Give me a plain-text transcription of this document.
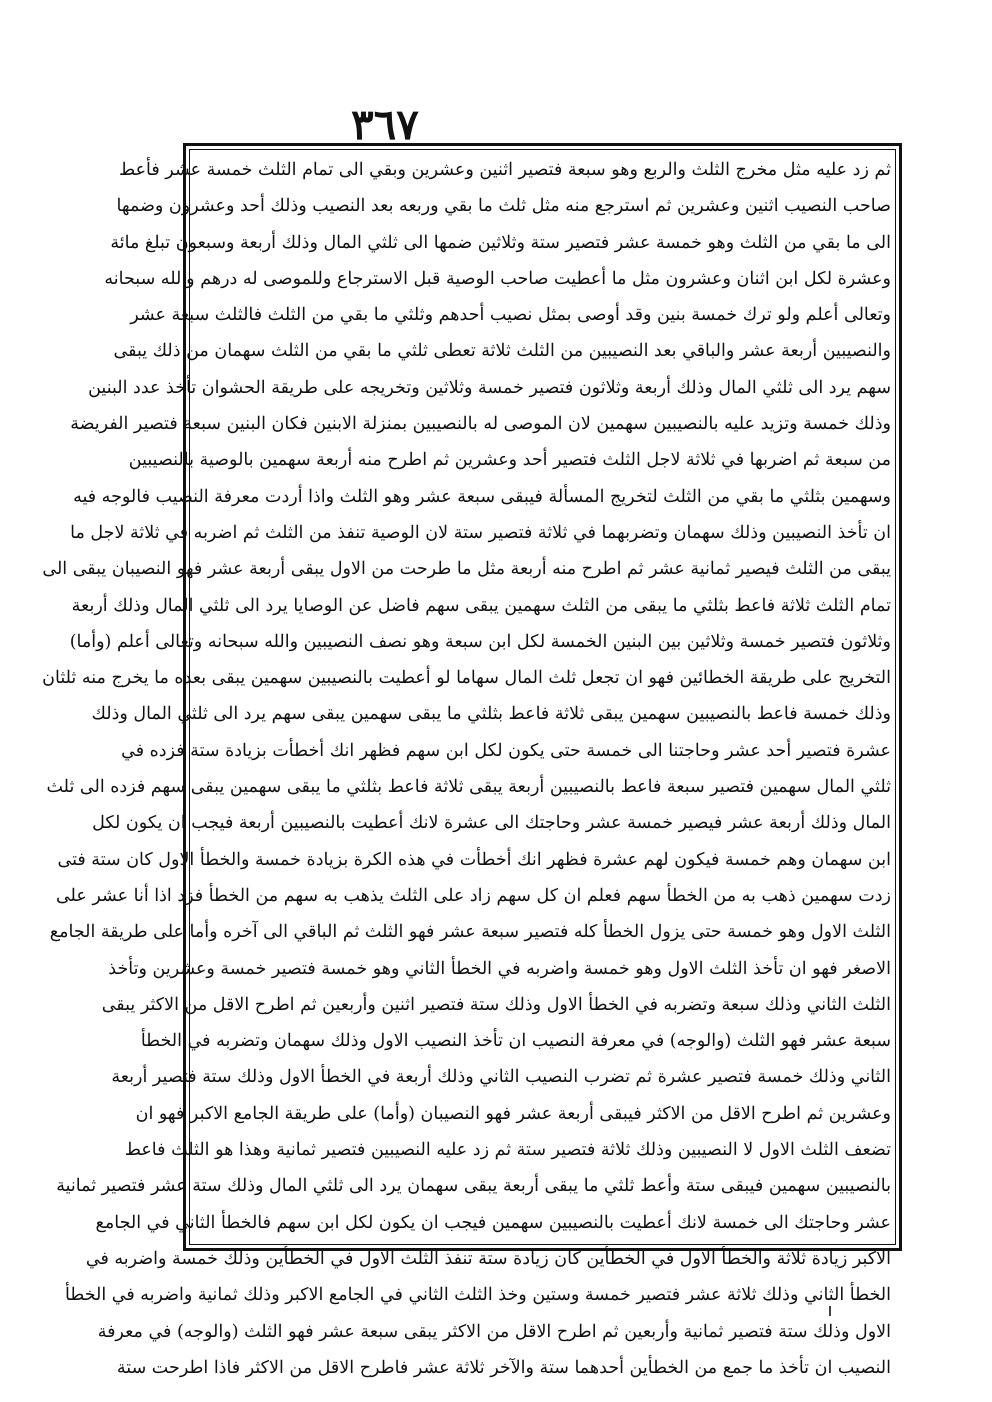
٣٦٧
ثم زد عليه مثل مخرج الثلث والربع وهو سبعة فتصير اثنين وعشرين وبقي الى تمام الثلث خمسة عشر فأعط
صاحب النصيب اثنين وعشرين ثم استرجع منه مثل ثلث ما بقي وربعه بعد النصيب وذلك أحد وعشرون وضمها
الى ما بقي من الثلث وهو خمسة عشر فتصير ستة وثلاثين ضمها الى ثلثي المال وذلك أربعة وسبعون تبلغ مائة
وعشرة لكل ابن اثنان وعشرون مثل ما أعطيت صاحب الوصية قبل الاسترجاع وللموصى له درهم والله سبحانه
وتعالى أعلم ولو ترك خمسة بنين وقد أوصى بمثل نصيب أحدهم وثلثي ما بقي من الثلث فالثلث سبعة عشر
والنصيبين أربعة عشر والباقي بعد النصيبين من الثلث ثلاثة تعطى ثلثي ما بقي من الثلث سهمان من ذلك يبقى
سهم يرد الى ثلثي المال وذلك أربعة وثلاثون فتصير خمسة وثلاثين وتخريجه على طريقة الحشوان تأخذ عدد البنين
وذلك خمسة وتزيد عليه بالنصيبين سهمين لان الموصى له بالنصيبين بمنزلة الابنين فكان البنين سبعة فتصير الفريضة
من سبعة ثم اضربها في ثلاثة لاجل الثلث فتصير أحد وعشرين ثم اطرح منه أربعة سهمين بالوصية بالنصيبين
وسهمين بثلثي ما بقي من الثلث لتخريج المسألة فيبقى سبعة عشر وهو الثلث واذا أردت معرفة النصيب فالوجه فيه
ان تأخذ النصيبين وذلك سهمان وتضربهما في ثلاثة فتصير ستة لان الوصية تنفذ من الثلث ثم اضربه في ثلاثة لاجل ما
يبقى من الثلث فيصير ثمانية عشر ثم اطرح منه أربعة مثل ما طرحت من الاول يبقى أربعة عشر فهو النصيبان يبقى الى
تمام الثلث ثلاثة فاعط بثلثي ما يبقى من الثلث سهمين يبقى سهم فاضل عن الوصايا يرد الى ثلثي المال وذلك أربعة
وثلاثون فتصير خمسة وثلاثين بين البنين الخمسة لكل ابن سبعة وهو نصف النصيبين والله سبحانه وتعالى أعلم (وأما)
التخريج على طريقة الخطائين فهو ان تجعل ثلث المال سهاما لو أعطيت بالنصيبين سهمين يبقى بعده ما يخرج منه ثلثان
وذلك خمسة فاعط بالنصيبين سهمين يبقى ثلاثة فاعط بثلثي ما يبقى سهمين يبقى سهم يرد الى ثلثي المال وذلك
عشرة فتصير أحد عشر وحاجتنا الى خمسة حتى يكون لكل ابن سهم فظهر انك أخطأت بزيادة ستة فزده في
ثلثي المال سهمين فتصير سبعة فاعط بالنصيبين أربعة يبقى ثلاثة فاعط بثلثي ما يبقى سهمين يبقى سهم فزده الى ثلث
المال وذلك أربعة عشر فيصير خمسة عشر وحاجتك الى عشرة لانك أعطيت بالنصيبين أربعة فيجب ان يكون لكل
ابن سهمان وهم خمسة فيكون لهم عشرة فظهر انك أخطأت في هذه الكرة بزيادة خمسة والخطأ الاول كان ستة فتى
زدت سهمين ذهب به من الخطأ سهم فعلم ان كل سهم زاد على الثلث يذهب به سهم من الخطأ فزد اذا أنا عشر على
الثلث الاول وهو خمسة حتى يزول الخطأ كله فتصير سبعة عشر فهو الثلث ثم الباقي الى آخره وأما على طريقة الجامع
الاصغر فهو ان تأخذ الثلث الاول وهو خمسة واضربه في الخطأ الثاني وهو خمسة فتصير خمسة وعشرين وتأخذ
الثلث الثاني وذلك سبعة وتضربه في الخطأ الاول وذلك ستة فتصير اثنين وأربعين ثم اطرح الاقل من الاكثر يبقى
سبعة عشر فهو الثلث (والوجه) في معرفة النصيب ان تأخذ النصيب الاول وذلك سهمان وتضربه في الخطأ
الثاني وذلك خمسة فتصير عشرة ثم تضرب النصيب الثاني وذلك أربعة في الخطأ الاول وذلك ستة فتصير أربعة
وعشرين ثم اطرح الاقل من الاكثر فيبقى أربعة عشر فهو النصيبان (وأما) على طريقة الجامع الاكبر فهو ان
تضعف الثلث الاول لا النصيبين وذلك ثلاثة فتصير ستة ثم زد عليه النصيبين فتصير ثمانية وهذا هو الثلث فاعط
بالنصيبين سهمين فيبقى ستة وأعط ثلثي ما يبقى أربعة يبقى سهمان يرد الى ثلثي المال وذلك ستة عشر فتصير ثمانية
عشر وحاجتك الى خمسة لانك أعطيت بالنصيبين سهمين فيجب ان يكون لكل ابن سهم فالخطأ الثاني في الجامع
الاكبر زيادة ثلاثة والخطأ الاول في الخطأين كان زيادة ستة تنفذ الثلث الاول في الخطأين وذلك خمسة واضربه في
الخطأ الثاني وذلك ثلاثة عشر فتصير خمسة وستين وخذ الثلث الثاني في الجامع الاكبر وذلك ثمانية واضربه في الخطأ
الاول وذلك ستة فتصير ثمانية وأربعين ثم اطرح الاقل من الاكثر يبقى سبعة عشر فهو الثلث (والوجه) في معرفة
النصيب ان تأخذ ما جمع من الخطأين أحدهما ستة والآخر ثلاثة عشر فاطرح الاقل من الاكثر فاذا اطرحت ستة
